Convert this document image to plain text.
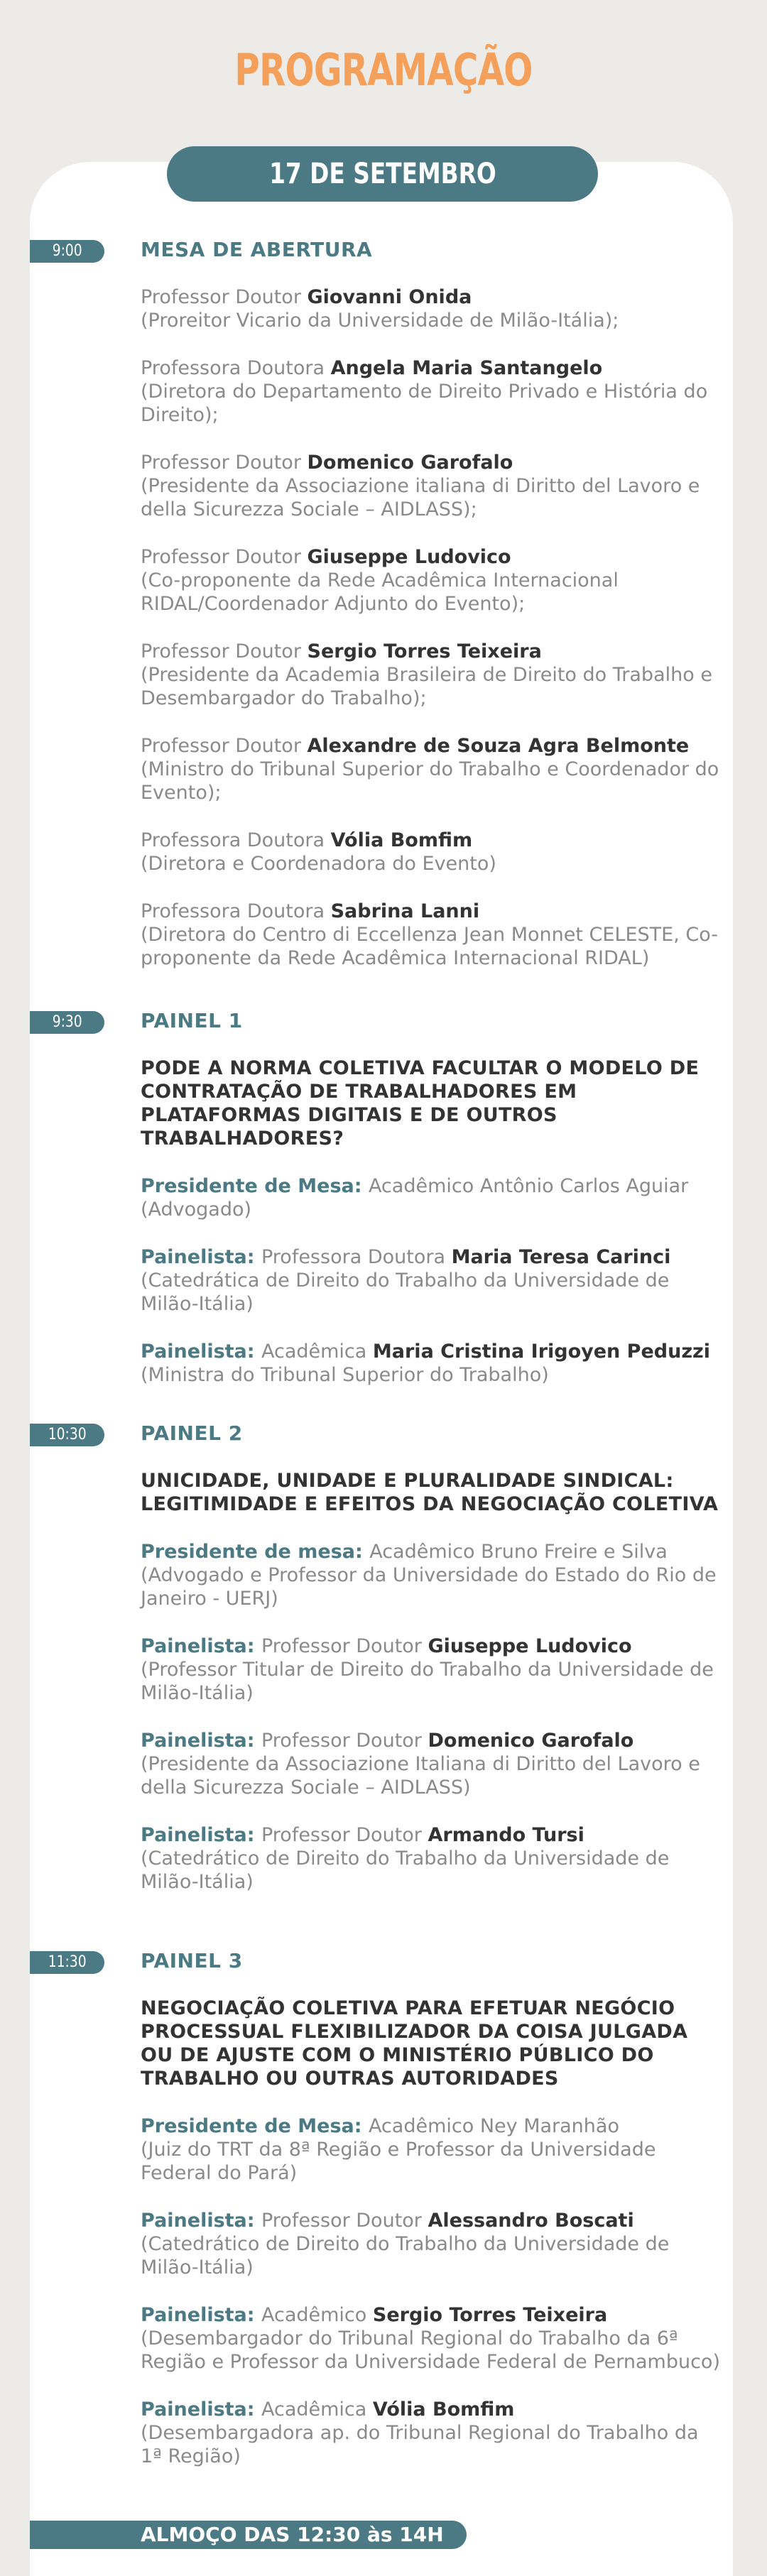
PROGRAMAÇÃO
17 DE SETEMBRO
9:00	MESA DE ABERTURA
Professor Doutor Giovanni Onida
(Proreitor Vicario da Universidade de Milão-Itália);
Professora Doutora Angela Maria Santangelo
(Diretora do Departamento de Direito Privado e História do Direito);
Professor Doutor Domenico Garofalo
(Presidente da Associazione italiana di Diritto del Lavoro e della Sicurezza Sociale – AIDLASS);
Professor Doutor Giuseppe Ludovico
(Co-proponente da Rede Acadêmica Internacional RIDAL/Coordenador Adjunto do Evento);
Professor Doutor Sergio Torres Teixeira
(Presidente da Academia Brasileira de Direito do Trabalho e Desembargador do Trabalho);
Professor Doutor Alexandre de Souza Agra Belmonte
(Ministro do Tribunal Superior do Trabalho e Coordenador do Evento);
Professora Doutora Vólia Bomfim
(Diretora e Coordenadora do Evento)
Professora Doutora Sabrina Lanni
(Diretora do Centro di Eccellenza Jean Monnet CELESTE, Co-proponente da Rede Acadêmica Internacional RIDAL)
9:30	PAINEL 1
PODE A NORMA COLETIVA FACULTAR O MODELO DE CONTRATAÇÃO DE TRABALHADORES EM PLATAFORMAS DIGITAIS E DE OUTROS TRABALHADORES?
Presidente de Mesa: Acadêmico Antônio Carlos Aguiar
(Advogado)
Painelista: Professora Doutora Maria Teresa Carinci
(Catedrática de Direito do Trabalho da Universidade de Milão-Itália)
Painelista: Acadêmica Maria Cristina Irigoyen Peduzzi
(Ministra do Tribunal Superior do Trabalho)
10:30	PAINEL 2
UNICIDADE, UNIDADE E PLURALIDADE SINDICAL: LEGITIMIDADE E EFEITOS DA NEGOCIAÇÃO COLETIVA
Presidente de mesa: Acadêmico Bruno Freire e Silva
(Advogado e Professor da Universidade do Estado do Rio de Janeiro - UERJ)
Painelista: Professor Doutor Giuseppe Ludovico
(Professor Titular de Direito do Trabalho da Universidade de Milão-Itália)
Painelista: Professor Doutor Domenico Garofalo
(Presidente da Associazione Italiana di Diritto del Lavoro e della Sicurezza Sociale – AIDLASS)
Painelista: Professor Doutor Armando Tursi
(Catedrático de Direito do Trabalho da Universidade de Milão-Itália)
11:30	PAINEL 3
NEGOCIAÇÃO COLETIVA PARA EFETUAR NEGÓCIO PROCESSUAL FLEXIBILIZADOR DA COISA JULGADA OU DE AJUSTE COM O MINISTÉRIO PÚBLICO DO TRABALHO OU OUTRAS AUTORIDADES
Presidente de Mesa: Acadêmico Ney Maranhão
(Juiz do TRT da 8ª Região e Professor da Universidade Federal do Pará)
Painelista: Professor Doutor Alessandro Boscati
(Catedrático de Direito do Trabalho da Universidade de Milão-Itália)
Painelista: Acadêmico Sergio Torres Teixeira
(Desembargador do Tribunal Regional do Trabalho da 6ª Região e Professor da Universidade Federal de Pernambuco)
Painelista: Acadêmica Vólia Bomfim
(Desembargadora ap. do Tribunal Regional do Trabalho da 1ª Região)
ALMOÇO DAS 12:30 às 14H
